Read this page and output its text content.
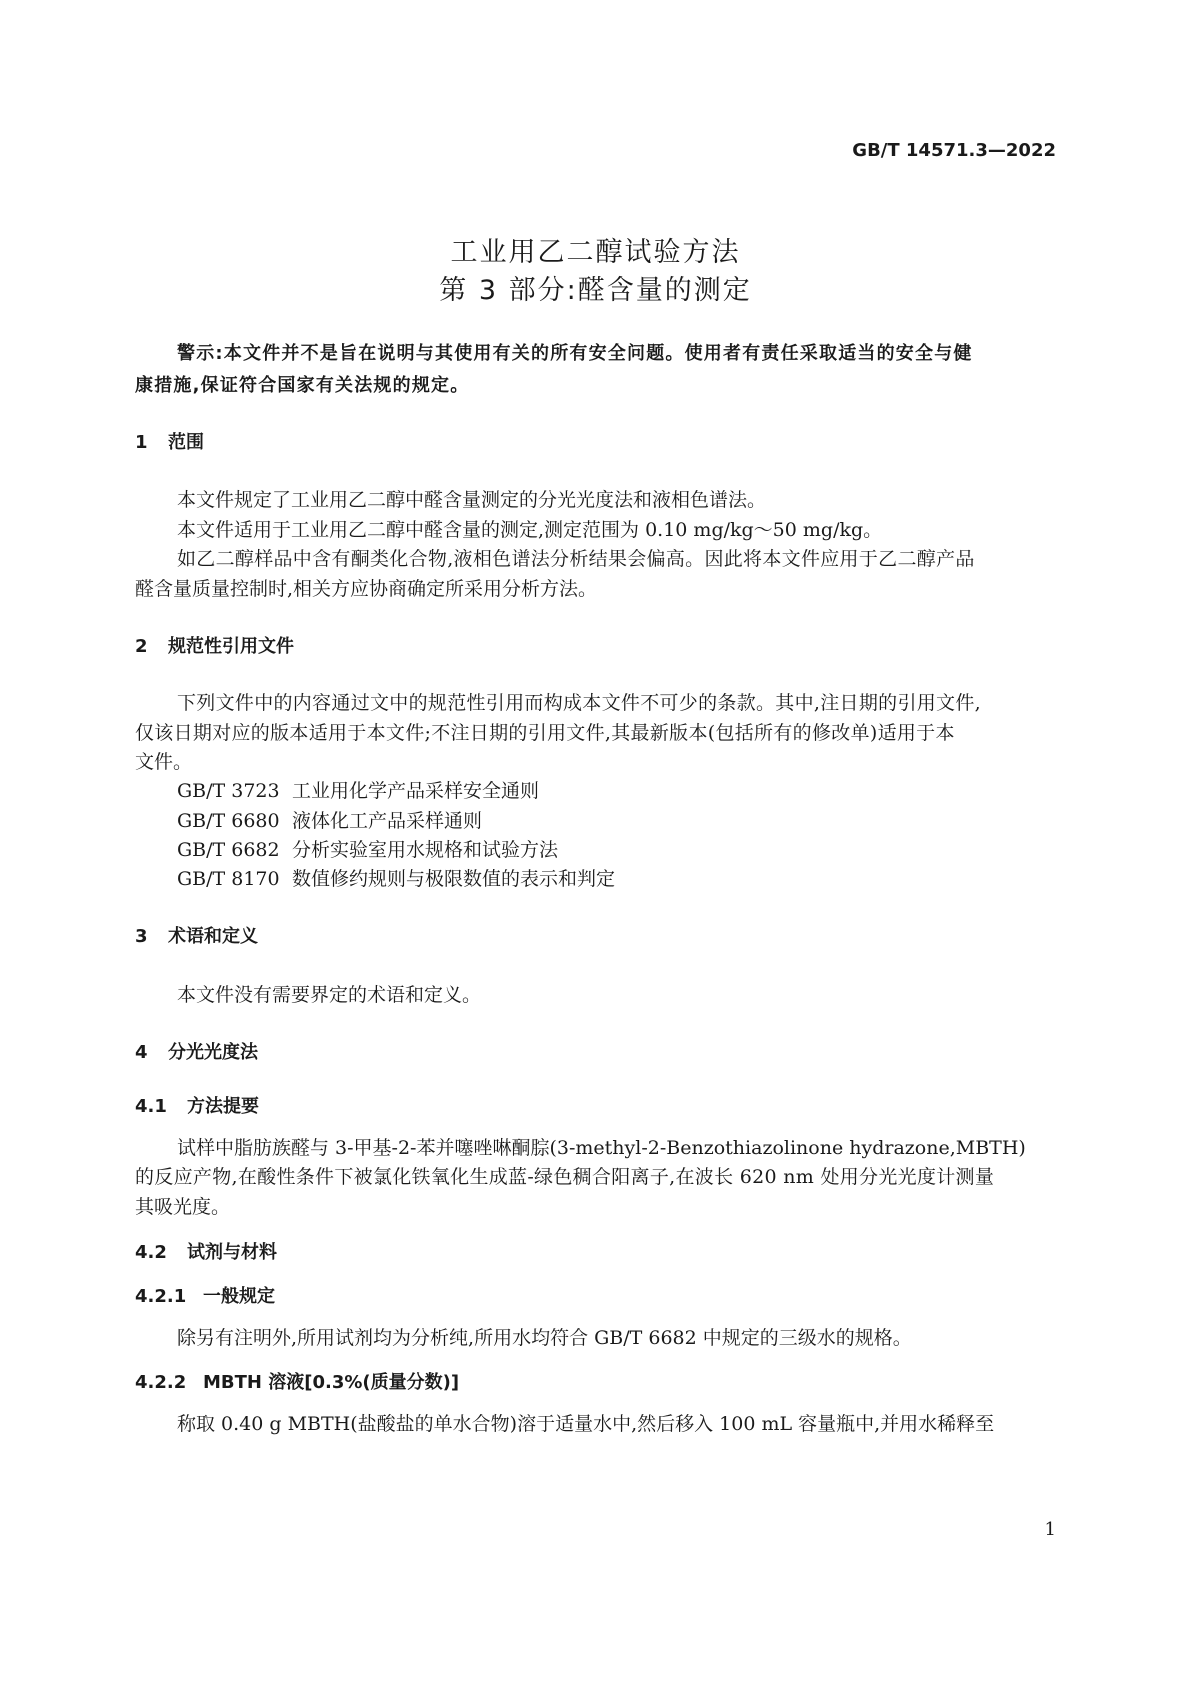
GB/T 14571.3—2022
工业用乙二醇试验方法
第 3 部分:醛含量的测定
警示:本文件并不是旨在说明与其使用有关的所有安全问题。使用者有责任采取适当的安全与健
康措施,保证符合国家有关法规的规定。
1 范围
本文件规定了工业用乙二醇中醛含量测定的分光光度法和液相色谱法。
本文件适用于工业用乙二醇中醛含量的测定,测定范围为 0.10 mg/kg～50 mg/kg。
如乙二醇样品中含有酮类化合物,液相色谱法分析结果会偏高。因此将本文件应用于乙二醇产品
醛含量质量控制时,相关方应协商确定所采用分析方法。
2 规范性引用文件
下列文件中的内容通过文中的规范性引用而构成本文件不可少的条款。其中,注日期的引用文件,
仅该日期对应的版本适用于本文件;不注日期的引用文件,其最新版本(包括所有的修改单)适用于本
文件。
GB/T 3723 工业用化学产品采样安全通则
GB/T 6680 液体化工产品采样通则
GB/T 6682 分析实验室用水规格和试验方法
GB/T 8170 数值修约规则与极限数值的表示和判定
3 术语和定义
本文件没有需要界定的术语和定义。
4 分光光度法
4.1 方法提要
试样中脂肪族醛与 3-甲基-2-苯并噻唑啉酮腙(3-methyl-2-Benzothiazolinone hydrazone,MBTH)
的反应产物,在酸性条件下被氯化铁氧化生成蓝-绿色稠合阳离子,在波长 620 nm 处用分光光度计测量
其吸光度。
4.2 试剂与材料
4.2.1 一般规定
除另有注明外,所用试剂均为分析纯,所用水均符合 GB/T 6682 中规定的三级水的规格。
4.2.2 MBTH 溶液[0.3%(质量分数)]
称取 0.40 g MBTH(盐酸盐的单水合物)溶于适量水中,然后移入 100 mL 容量瓶中,并用水稀释至
1
